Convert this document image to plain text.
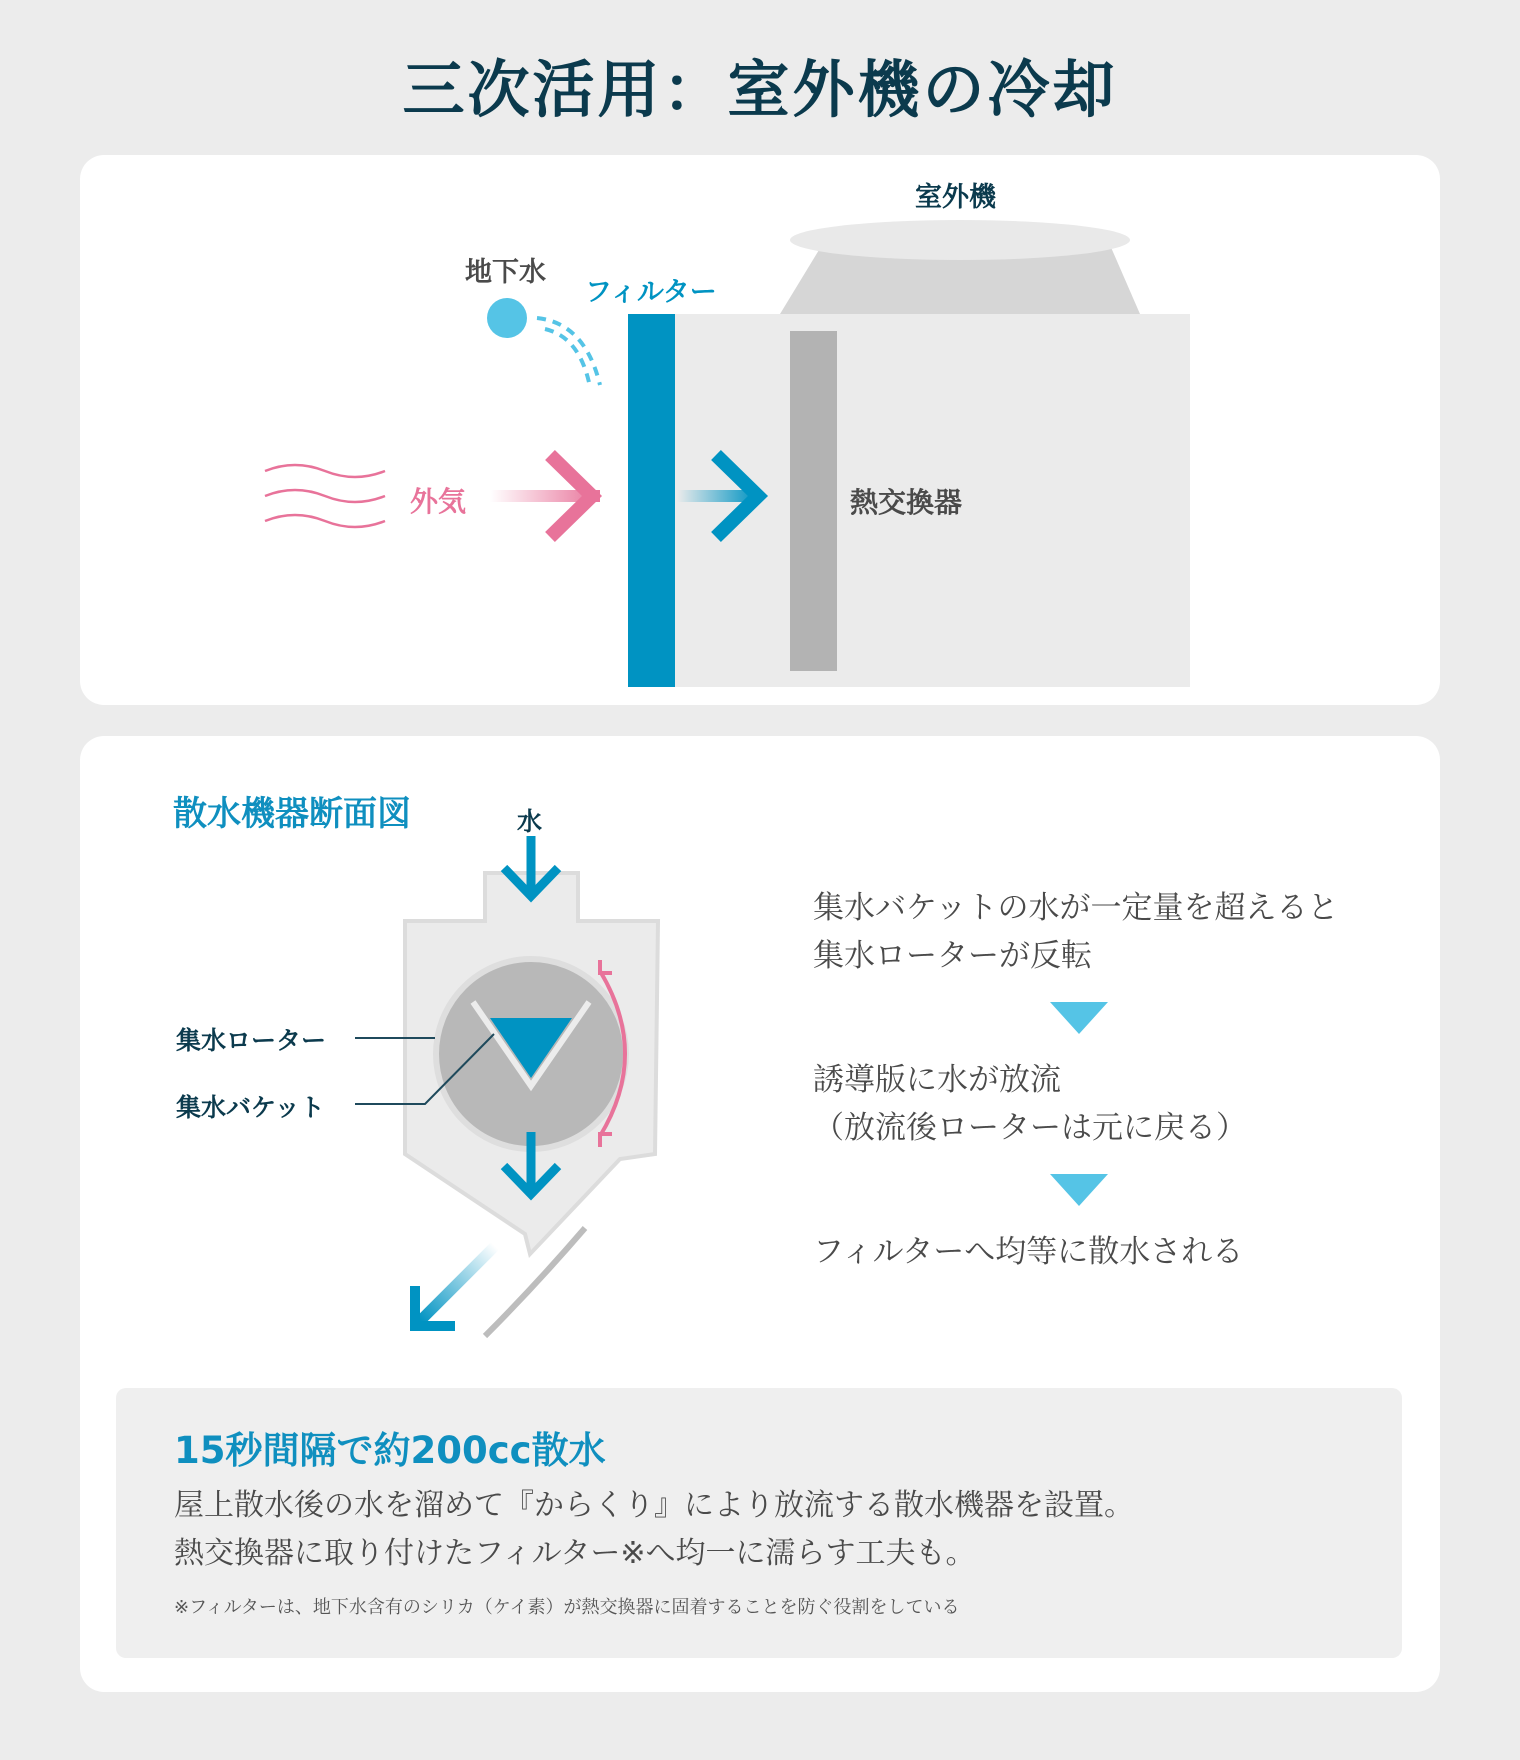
三次活用：室外機の冷却
室外機
地下水
フィルター
外気	熱交換器
散水機器断面図	水
集水ローター
集水バケット
集水バケットの水が一定量を超えると
集水ローターが反転
誘導版に水が放流
（放流後ローターは元に戻る）
フィルターへ均等に散水される
15秒間隔で約200cc散水
屋上散水後の水を溜めて『からくり』により放流する散水機器を設置。
熱交換器に取り付けたフィルター※へ均一に濡らす工夫も。
※フィルターは、地下水含有のシリカ（ケイ素）が熱交換器に固着することを防ぐ役割をしている
